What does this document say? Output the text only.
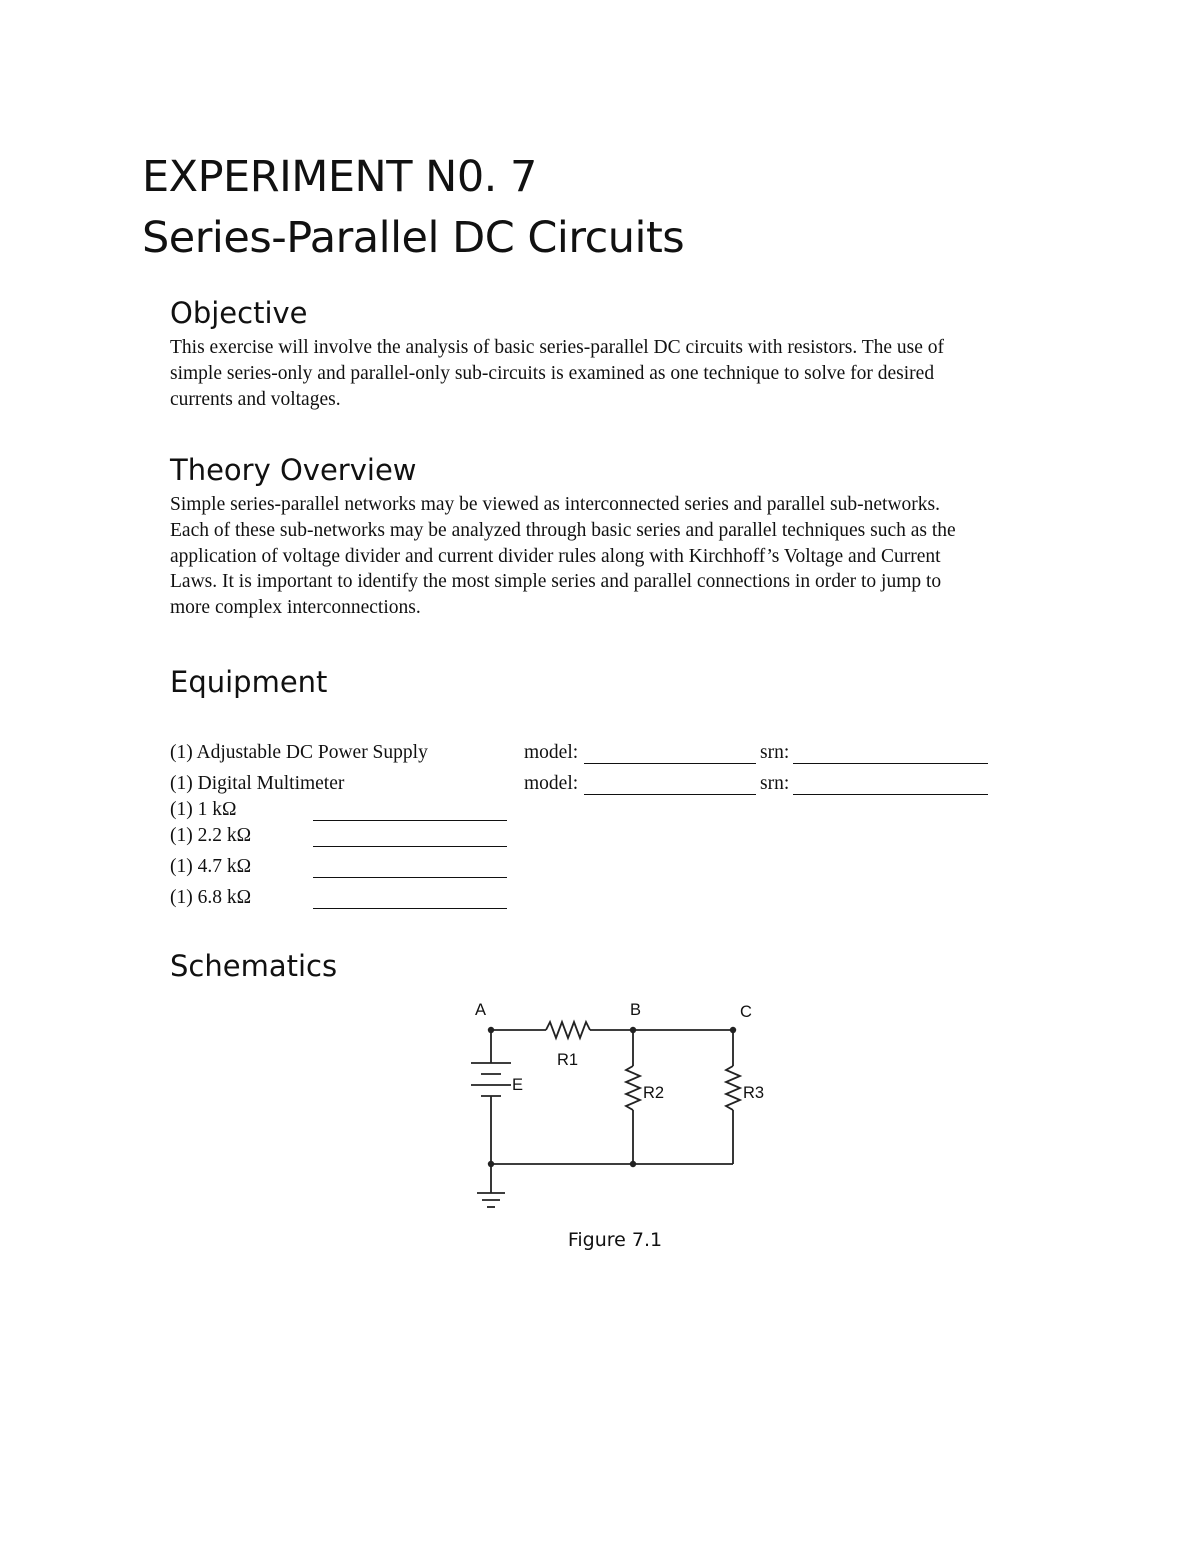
EXPERIMENT N0. 7
Series-Parallel DC Circuits
Objective
This exercise will involve the analysis of basic series-parallel DC circuits with resistors. The use of
simple series-only and parallel-only sub-circuits is examined as one technique to solve for desired
currents and voltages.
Theory Overview
Simple series-parallel networks may be viewed as interconnected series and parallel sub-networks.
Each of these sub-networks may be analyzed through basic series and parallel techniques such as the
application of voltage divider and current divider rules along with Kirchhoff’s Voltage and Current
Laws. It is important to identify the most simple series and parallel connections in order to jump to
more complex interconnections.
Equipment
(1) Adjustable DC Power Supply	model:	srn:
(1) Digital Multimeter	model:	srn:
(1) 1 kΩ
(1) 2.2 kΩ
(1) 4.7 kΩ
(1) 6.8 kΩ
Schematics
A	B	C
R1
R2	R3
E
Figure 7.1
